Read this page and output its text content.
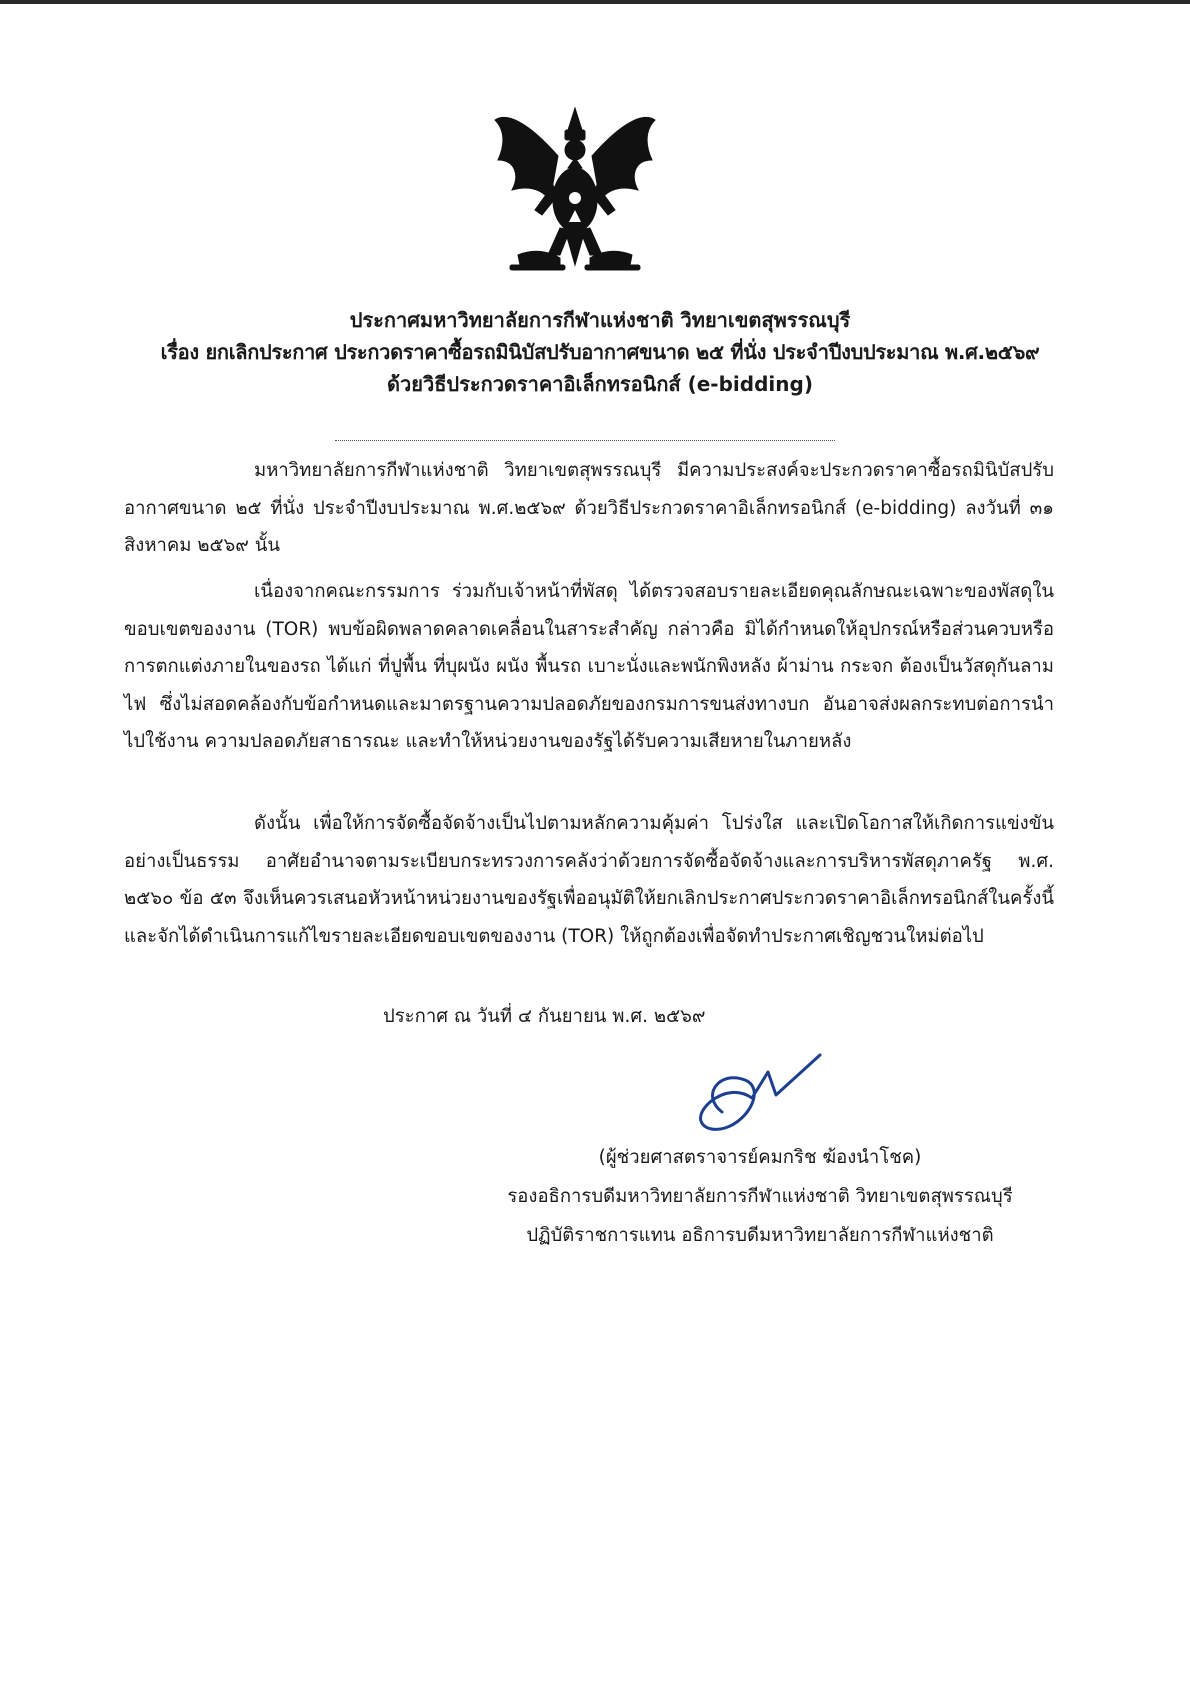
ประกาศมหาวิทยาลัยการกีฬาแห่งชาติ วิทยาเขตสุพรรณบุรี
เรื่อง ยกเลิกประกาศ ประกวดราคาซื้อรถมินิบัสปรับอากาศขนาด ๒๕ ที่นั่ง ประจำปีงบประมาณ พ.ศ.๒๕๖๙
ด้วยวิธีประกวดราคาอิเล็กทรอนิกส์ (e-bidding)
มหาวิทยาลัยการกีฬาแห่งชาติ วิทยาเขตสุพรรณบุรี มีความประสงค์จะประกวดราคาซื้อรถมินิบัสปรับอากาศขนาด ๒๕ ที่นั่ง ประจำปีงบประมาณ พ.ศ.๒๕๖๙ ด้วยวิธีประกวดราคาอิเล็กทรอนิกส์ (e-bidding) ลงวันที่ ๓๑ สิงหาคม ๒๕๖๙ นั้น
เนื่องจากคณะกรรมการ ร่วมกับเจ้าหน้าที่พัสดุ ได้ตรวจสอบรายละเอียดคุณลักษณะเฉพาะของพัสดุในขอบเขตของงาน (TOR) พบข้อผิดพลาดคลาดเคลื่อนในสาระสำคัญ กล่าวคือ มิได้กำหนดให้อุปกรณ์หรือส่วนควบหรือการตกแต่งภายในของรถ ได้แก่ ที่ปูพื้น ที่บุผนัง ผนัง พื้นรถ เบาะนั่งและพนักพิงหลัง ผ้าม่าน กระจก ต้องเป็นวัสดุกันลามไฟ ซึ่งไม่สอดคล้องกับข้อกำหนดและมาตรฐานความปลอดภัยของกรมการขนส่งทางบก อันอาจส่งผลกระทบต่อการนำไปใช้งาน ความปลอดภัยสาธารณะ และทำให้หน่วยงานของรัฐได้รับความเสียหายในภายหลัง
ดังนั้น เพื่อให้การจัดซื้อจัดจ้างเป็นไปตามหลักความคุ้มค่า โปร่งใส และเปิดโอกาสให้เกิดการแข่งขันอย่างเป็นธรรม อาศัยอำนาจตามระเบียบกระทรวงการคลังว่าด้วยการจัดซื้อจัดจ้างและการบริหารพัสดุภาครัฐ พ.ศ. ๒๕๖๐ ข้อ ๕๓ จึงเห็นควรเสนอหัวหน้าหน่วยงานของรัฐเพื่ออนุมัติให้ยกเลิกประกาศประกวดราคาอิเล็กทรอนิกส์ในครั้งนี้ และจักได้ดำเนินการแก้ไขรายละเอียดขอบเขตของงาน (TOR) ให้ถูกต้องเพื่อจัดทำประกาศเชิญชวนใหม่ต่อไป
ประกาศ ณ วันที่ ๔ กันยายน พ.ศ. ๒๕๖๙
(ผู้ช่วยศาสตราจารย์คมกริช ฆ้องนำโชค)
รองอธิการบดีมหาวิทยาลัยการกีฬาแห่งชาติ วิทยาเขตสุพรรณบุรี
ปฏิบัติราชการแทน อธิการบดีมหาวิทยาลัยการกีฬาแห่งชาติ
